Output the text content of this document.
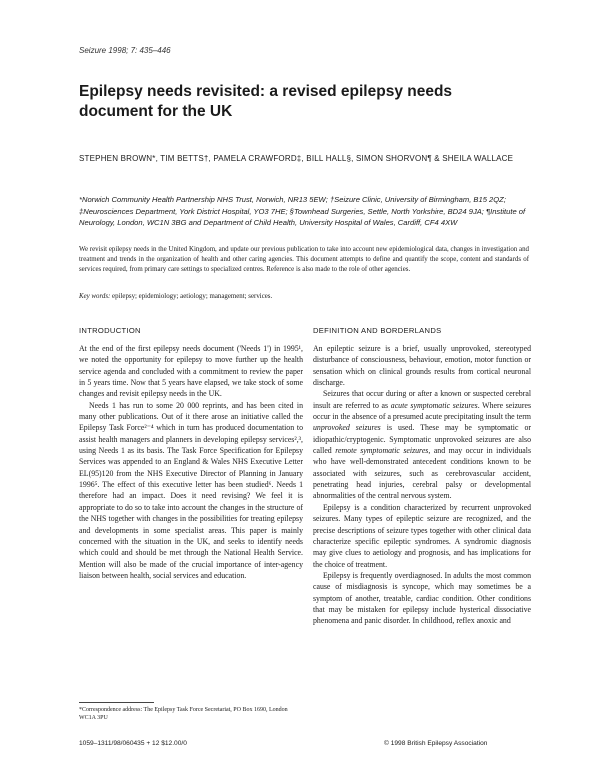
Seizure 1998; 7: 435–446
Epilepsy needs revisited: a revised epilepsy needs document for the UK
STEPHEN BROWN*, TIM BETTS†, PAMELA CRAWFORD‡, BILL HALL§, SIMON SHORVON¶ & SHEILA WALLACE
*Norwich Community Health Partnership NHS Trust, Norwich, NR13 5EW; †Seizure Clinic, University of Birmingham, B15 2QZ; ‡Neurosciences Department, York District Hospital, YO3 7HE; §Townhead Surgeries, Settle, North Yorkshire, BD24 9JA; ¶Institute of Neurology, London, WC1N 3BG and Department of Child Health, University Hospital of Wales, Cardiff, CF4 4XW
We revisit epilepsy needs in the United Kingdom, and update our previous publication to take into account new epidemiological data, changes in investigation and treatment and trends in the organization of health and other caring agencies. This document attempts to define and quantify the scope, content and standards of services required, from primary care settings to specialized centres. Reference is also made to the role of other agencies.
Key words: epilepsy; epidemiology; aetiology; management; services.
INTRODUCTION	DEFINITION AND BORDERLANDS

At the end of the first epilepsy needs document ('Needs 1') in 1995¹, we noted the opportunity for epilepsy to move further up the health service agenda and concluded with a commitment to review the paper in 5 years time. Now that 5 years have elapsed, we take stock of some changes and revisit epilepsy needs in the UK.

Needs 1 has run to some 20 000 reprints, and has been cited in many other publications. Out of it there arose an initiative called the Epilepsy Task Force²⁻⁴ which in turn has produced documentation to assist health managers and planners in developing epilepsy services²,³, using Needs 1 as its basis. The Task Force Specification for Epilepsy Services was appended to an England & Wales NHS Executive Letter EL(95)120 from the NHS Executive Director of Planning in January 1996⁵. The effect of this executive letter has been studied⁶. Needs 1 therefore had an impact. Does it need revising? We feel it is appropriate to do so to take into account the changes in the structure of the NHS together with changes in the possibilities for treating epilepsy and developments in some specialist areas. This paper is mainly concerned with the situation in the UK, and seeks to identify needs which could and should be met through the National Health Service. Mention will also be made of the crucial importance of inter-agency liaison between health, social services and education.

An epileptic seizure is a brief, usually unprovoked, stereotyped disturbance of consciousness, behaviour, emotion, motor function or sensation which on clinical grounds results from cortical neuronal discharge.

Seizures that occur during or after a known or suspected cerebral insult are referred to as acute symptomatic seizures. Where seizures occur in the absence of a presumed acute precipitating insult the term unprovoked seizures is used. These may be symptomatic or idiopathic/cryptogenic. Symptomatic unprovoked seizures are also called remote symptomatic seizures, and may occur in individuals who have well-demonstrated antecedent conditions known to be associated with seizures, such as cerebrovascular accident, penetrating head injuries, cerebral palsy or developmental abnormalities of the central nervous system.

Epilepsy is a condition characterized by recurrent unprovoked seizures. Many types of epileptic seizure are recognized, and the precise descriptions of seizure types together with other clinical data characterize specific epileptic syndromes. A syndromic diagnosis may give clues to aetiology and prognosis, and has implications for the choice of treatment.

Epilepsy is frequently overdiagnosed. In adults the most common cause of misdiagnosis is syncope, which may sometimes be a symptom of another, treatable, cardiac condition. Other conditions that may be mistaken for epilepsy include hysterical dissociative phenomena and panic disorder. In childhood, reflex anoxic and

*Correspondence address: The Epilepsy Task Force Secretariat, PO Box 1690, London WC1A 3PU
1059–1311/98/060435 + 12 $12.00/0	© 1998 British Epilepsy Association
